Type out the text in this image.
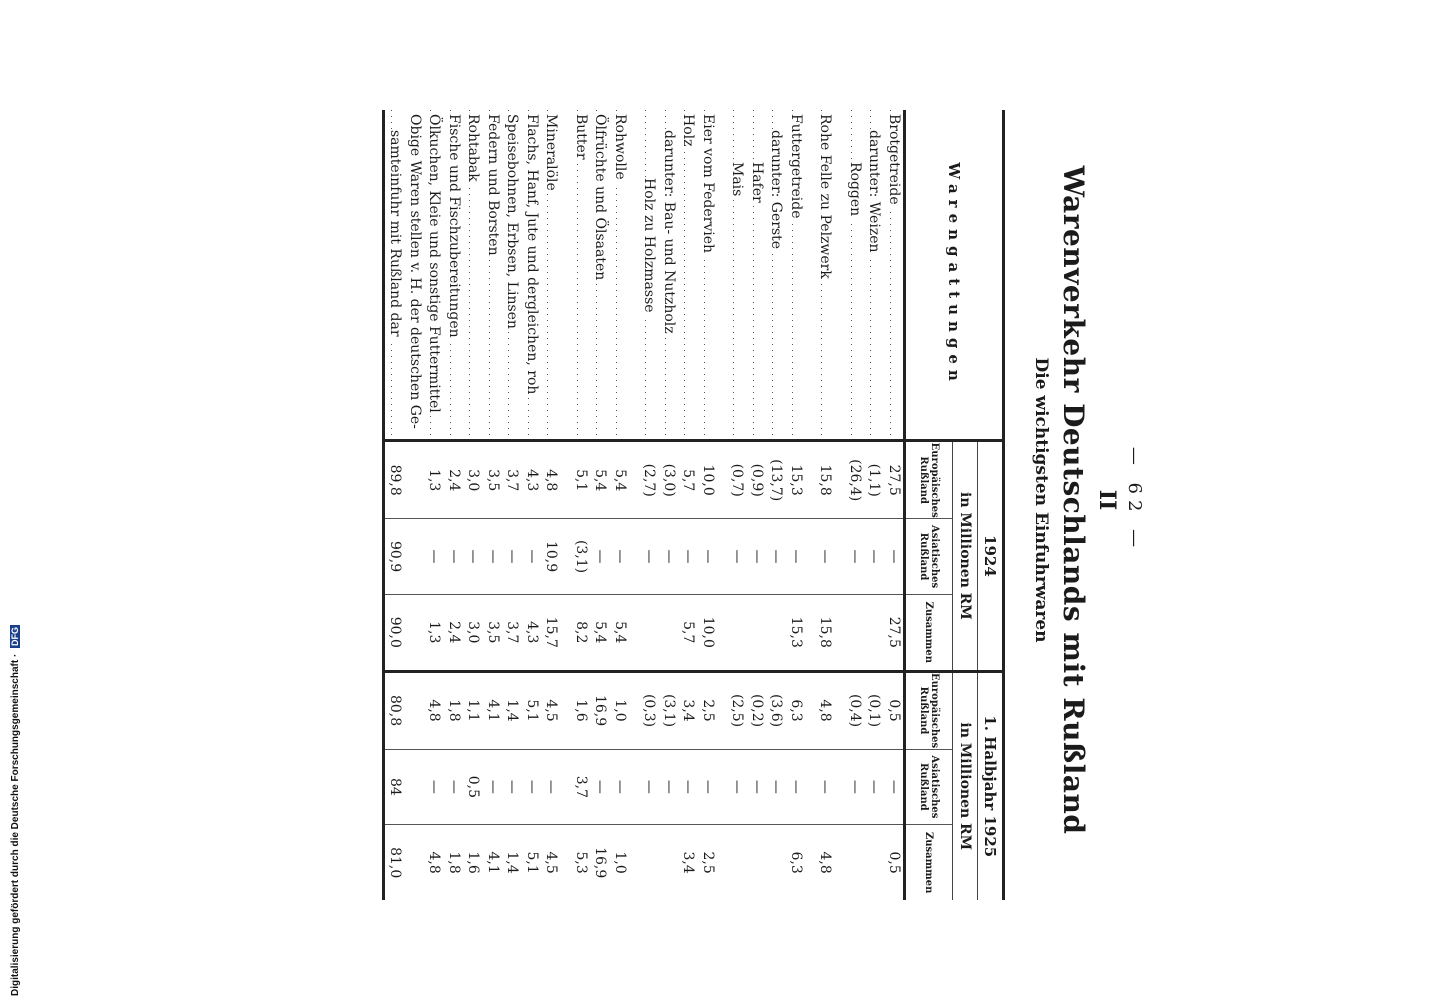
Digitalisierung gefördert durch die Deutsche Forschungsgemeinschaft · DFG
— 62 —
II
Warenverkehr Deutschlands mit Rußland
Die wichtigsten Einfuhrwaren
Warengattungen	1924			1. Halbjahr 1925		
	in Millionen RM			in Millionen RM		
	Europäisches Rußland	Asiatisches Rußland	Zusammen	Europäisches Rußland	Asiatisches Rußland	Zusammen
Brotgetreide	27,5	—	27,5	0,5	—	0,5
darunter: Weizen	(1,1)	—		(0,1)	—	
Roggen	(26,4)	—		(0,4)	—	

Rohe Felle zu Pelzwerk	15,8	—	15,8	4,8	—	4,8

Futtergetreide	15,3	—	15,3	6,3	—	6,3
darunter: Gerste	(13,7)	—		(3,6)	—	
Hafer	(0,9)	—		(0,2)	—	
Mais	(0,7)	—		(2,5)	—	

Eier vom Federvieh	10,0	—	10,0	2,5	—	2,5
Holz	5,7	—	5,7	3,4	—	3,4
darunter: Bau- und Nutzholz	(3,0)	—		(3,1)	—	
Holz zu Holzmasse	(2,7)	—		(0,3)	—	

Rohwolle	5,4	—	5,4	1,0	—	1,0
Ölfrüchte und Ölsaaten	5,4	—	5,4	16,9	—	16,9
Butter	5,1	(3,1)	8,2	1,6	3,7	5,3

Mineralöle	4,8	10,9	15,7	4,5	—	4,5
Flachs, Hanf, Jute und dergleichen, roh	4,3	—	4,3	5,1	—	5,1
Speisebohnen, Erbsen, Linsen	3,7	—	3,7	1,4	—	1,4
Federn und Borsten	3,5	—	3,5	4,1	—	4,1
Rohtabak	3,0	—	3,0	1,1	0,5	1,6
Fische und Fischzubereitungen	2,4	—	2,4	1,8	—	1,8
Ölkuchen, Kleie und sonstige Futtermittel	1,3	—	1,3	4,8	—	4,8
Obige Waren stellen v. H. der deutschen Ge-						
samteinfuhr mit Rußland dar	89,8	90,9	90,0	80,8	84	81,0
